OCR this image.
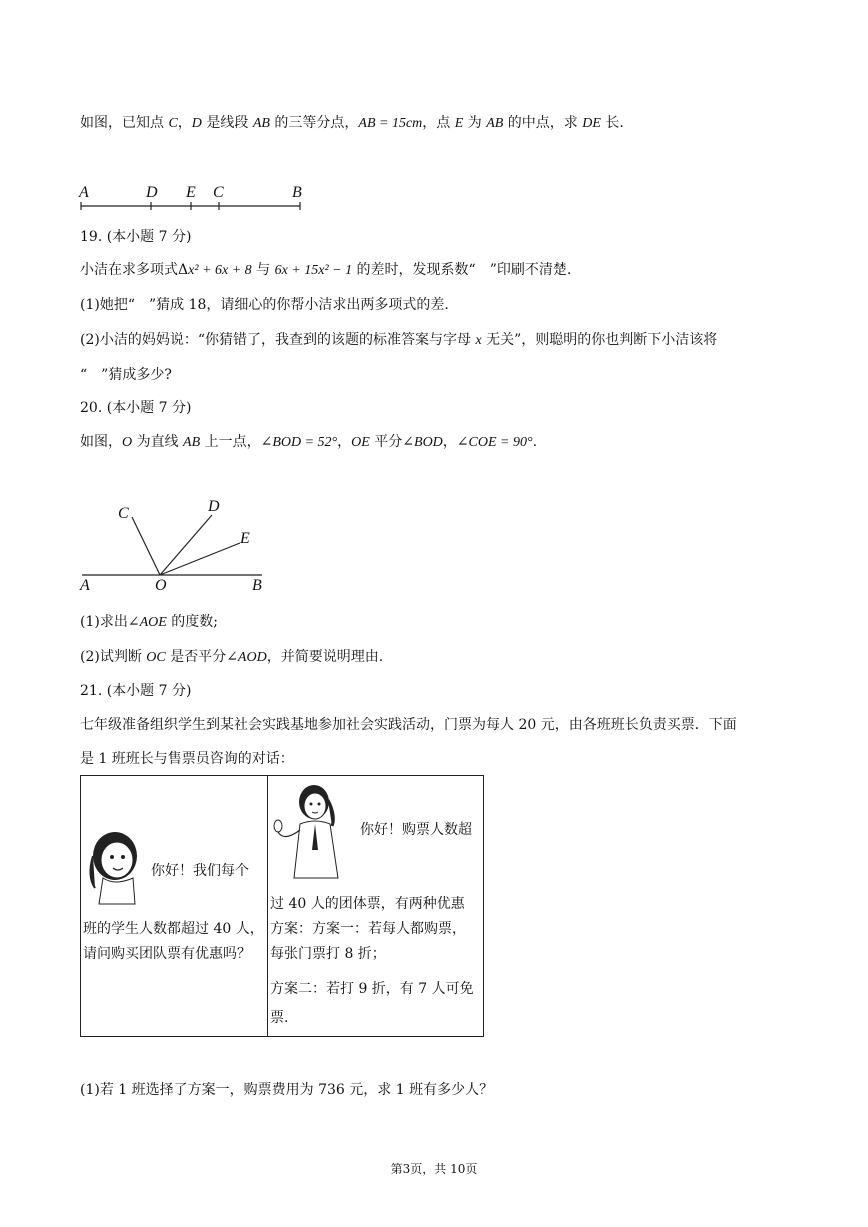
如图，已知点 C，D 是线段 AB 的三等分点，AB = 15cm，点 E 为 AB 的中点，求 DE 长.
A	D E C	B
19. (本小题 7 分)
小洁在求多项式Δx² + 6x + 8 与 6x + 15x² − 1 的差时，发现系数“　”印刷不清楚.
(1)她把“　”猜成 18，请细心的你帮小洁求出两多项式的差.
(2)小洁的妈妈说：“你猜错了，我查到的该题的标准答案与字母 x 无关”，则聪明的你也判断下小洁该将
“　”猜成多少?
20. (本小题 7 分)
如图，O 为直线 AB 上一点，∠BOD = 52°，OE 平分∠BOD，∠COE = 90°.
C	D
E
A	O	B
(1)求出∠AOE 的度数;
(2)试判断 OC 是否平分∠AOD，并简要说明理由.
21. (本小题 7 分)
七年级准备组织学生到某社会实践基地参加社会实践活动，门票为每人 20 元，由各班班长负责买票．下面
是 1 班班长与售票员咨询的对话：
你好！我们每个
班的学生人数都超过 40 人，
请问购买团队票有优惠吗？

你好！购票人数超
过 40 人的团体票，有两种优惠
方案：方案一：若每人都购票，
每张门票打 8 折；
方案二：若打 9 折，有 7 人可免
票.
(1)若 1 班选择了方案一，购票费用为 736 元，求 1 班有多少人？
第3页，共 10页
